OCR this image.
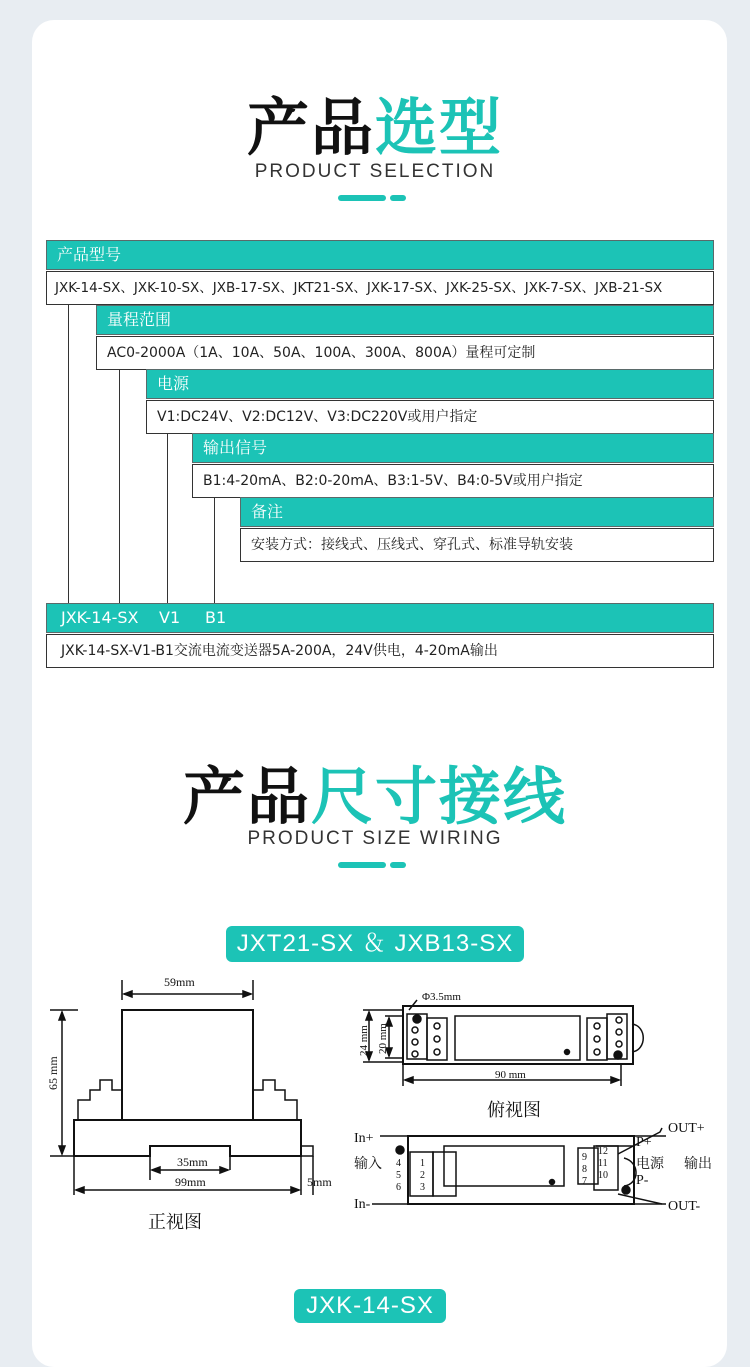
产品选型
PRODUCT SELECTION
产品型号
JXK-14-SX、JXK-10-SX、JXB-17-SX、JKT21-SX、JXK-17-SX、JXK-25-SX、JXK-7-SX、JXB-21-SX
量程范围
AC0-2000A（1A、10A、50A、100A、300A、800A）量程可定制
电源
V1:DC24V、V2:DC12V、V3:DC220V或用户指定
输出信号
B1:4-20mA、B2:0-20mA、B3:1-5V、B4:0-5V或用户指定
备注
安装方式：接线式、压线式、穿孔式、标准导轨安装
JXK-14-SX V1 B1
JXK-14-SX-V1-B1交流电流变送器5A-200A，24V供电，4-20mA输出
产品尺寸接线
PRODUCT SIZE WIRING
JXT21-SX ＆ JXB13-SX
59mm
65 mm
35mm
99mm	5mm
正视图
Φ3.5mm
24 mm 20 mm
90 mm
俯视图
In+
输入
In-
1
2
3
4
5
6
9
8
7
12
11
10
P+
电源
P-
OUT+
输出
OUT-
JXK-14-SX
